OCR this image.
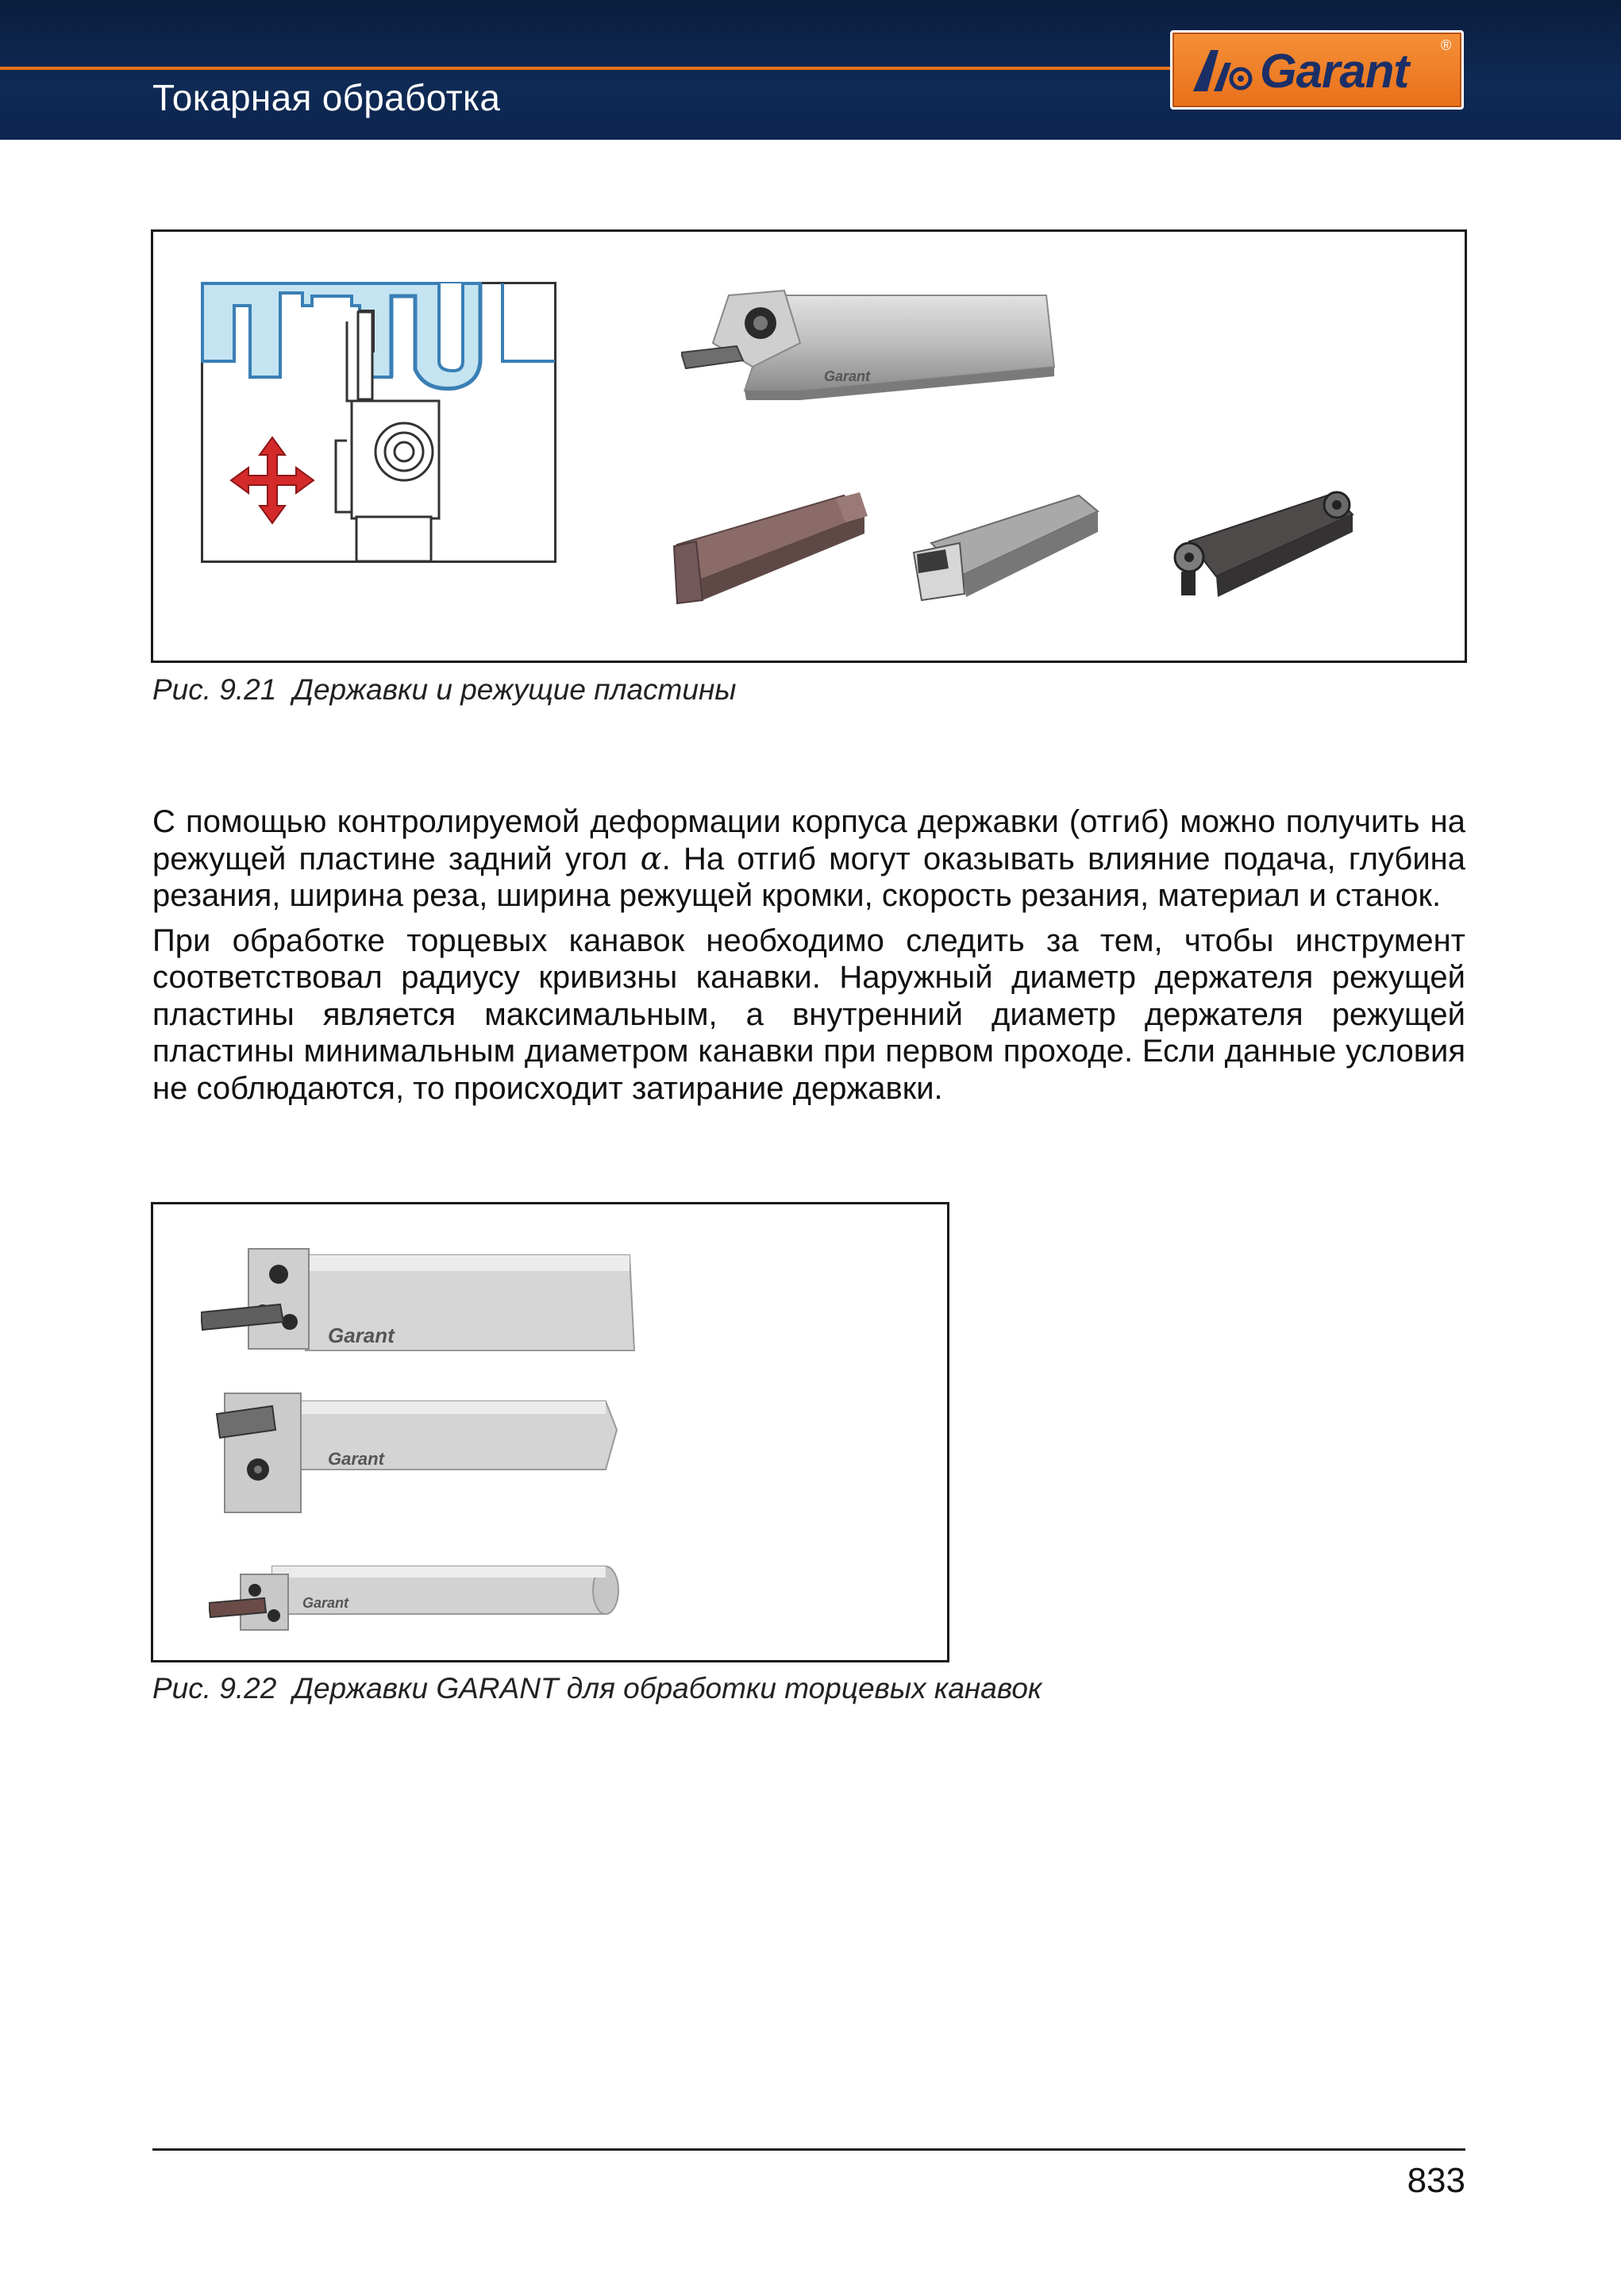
Токарная обработка	Garant ®
Garant
Рис. 9.21  Державки и режущие пластины

С помощью контролируемой деформации корпуса державки (отгиб) можно получить на режущей пластине задний угол α. На отгиб могут оказывать влияние подача, глубина резания, ширина реза, ширина режущей кромки, скорость резания, материал и станок.

При обработке торцевых канавок необходимо следить за тем, чтобы инструмент соответствовал радиусу кривизны канавки. Наружный диаметр держателя режущей пластины является максимальным, а внутренний диаметр держателя режущей пластины минимальным диаметром канавки при первом проходе. Если данные условия не соблюдаются, то происходит затирание державки.

Garant
Garant
Garant
Рис. 9.22  Державки GARANT для обработки торцевых канавок
833
